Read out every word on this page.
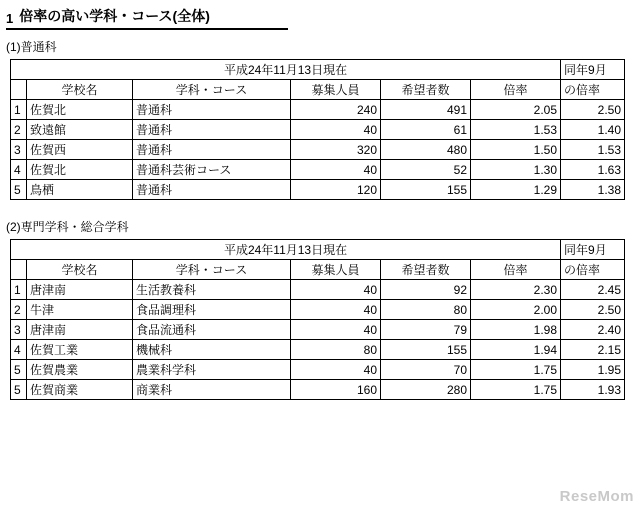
1 倍率の高い学科・コース(全体)
(1)普通科
平成24年11月13日現在						同年9月
	学校名	学科・コース	募集人員	希望者数	倍率	の倍率
1	佐賀北	普通科	240	491	2.05	2.50
2	致遠館	普通科	40	61	1.53	1.40
3	佐賀西	普通科	320	480	1.50	1.53
4	佐賀北	普通科芸術コース	40	52	1.30	1.63
5	鳥栖	普通科	120	155	1.29	1.38
(2)専門学科・総合学科
平成24年11月13日現在						同年9月
	学校名	学科・コース	募集人員	希望者数	倍率	の倍率
1	唐津南	生活教養科	40	92	2.30	2.45
2	牛津	食品調理科	40	80	2.00	2.50
3	唐津南	食品流通科	40	79	1.98	2.40
4	佐賀工業	機械科	80	155	1.94	2.15
5	佐賀農業	農業科学科	40	70	1.75	1.95
5	佐賀商業	商業科	160	280	1.75	1.93
ReseMom
